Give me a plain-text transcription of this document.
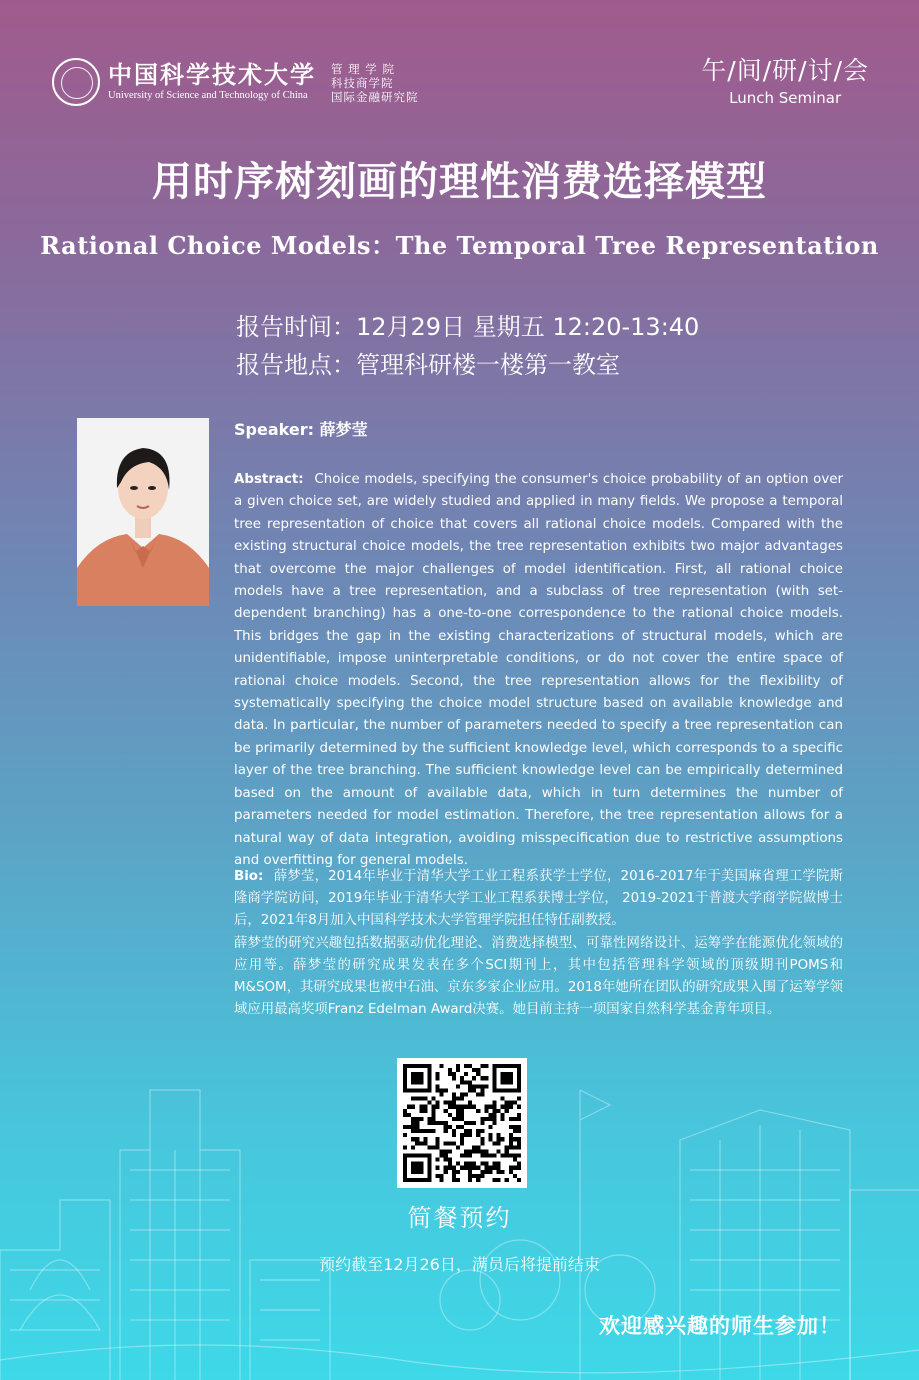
中国科学技术大学
University of Science and Technology of China
管 理 学 院
科技商学院
国际金融研究院
午/间/研/讨/会
Lunch Seminar
用时序树刻画的理性消费选择模型
Rational Choice Models：The Temporal Tree Representation
报告时间：12月29日 星期五 12:20-13:40
报告地点：管理科研楼一楼第一教室
Speaker: 薛梦莹
Abstract: Choice models, specifying the consumer's choice probability of an option over a given choice set, are widely studied and applied in many fields. We propose a temporal tree representation of choice that covers all rational choice models. Compared with the existing structural choice models, the tree representation exhibits two major advantages that overcome the major challenges of model identification. First, all rational choice models have a tree representation, and a subclass of tree representation (with set-dependent branching) has a one-to-one correspondence to the rational choice models. This bridges the gap in the existing characterizations of structural models, which are unidentifiable, impose uninterpretable conditions, or do not cover the entire space of rational choice models. Second, the tree representation allows for the flexibility of systematically specifying the choice model structure based on available knowledge and data. In particular, the number of parameters needed to specify a tree representation can be primarily determined by the sufficient knowledge level, which corresponds to a specific layer of the tree branching. The sufficient knowledge level can be empirically determined based on the amount of available data, which in turn determines the number of parameters needed for model estimation. Therefore, the tree representation allows for a natural way of data integration, avoiding misspecification due to restrictive assumptions and overfitting for general models.
Bio: 薛梦莹，2014年毕业于清华大学工业工程系获学士学位，2016-2017年于美国麻省理工学院斯隆商学院访问，2019年毕业于清华大学工业工程系获博士学位， 2019-2021于普渡大学商学院做博士后，2021年8月加入中国科学技术大学管理学院担任特任副教授。
薛梦莹的研究兴趣包括数据驱动优化理论、消费选择模型、可靠性网络设计、运筹学在能源优化领域的应用等。薛梦莹的研究成果发表在多个SCI期刊上，其中包括管理科学领域的顶级期刊POMS和M&SOM，其研究成果也被中石油、京东多家企业应用。2018年她所在团队的研究成果入围了运筹学领域应用最高奖项Franz Edelman Award决赛。她目前主持一项国家自然科学基金青年项目。
简餐预约
预约截至12月26日，满员后将提前结束
欢迎感兴趣的师生参加！
